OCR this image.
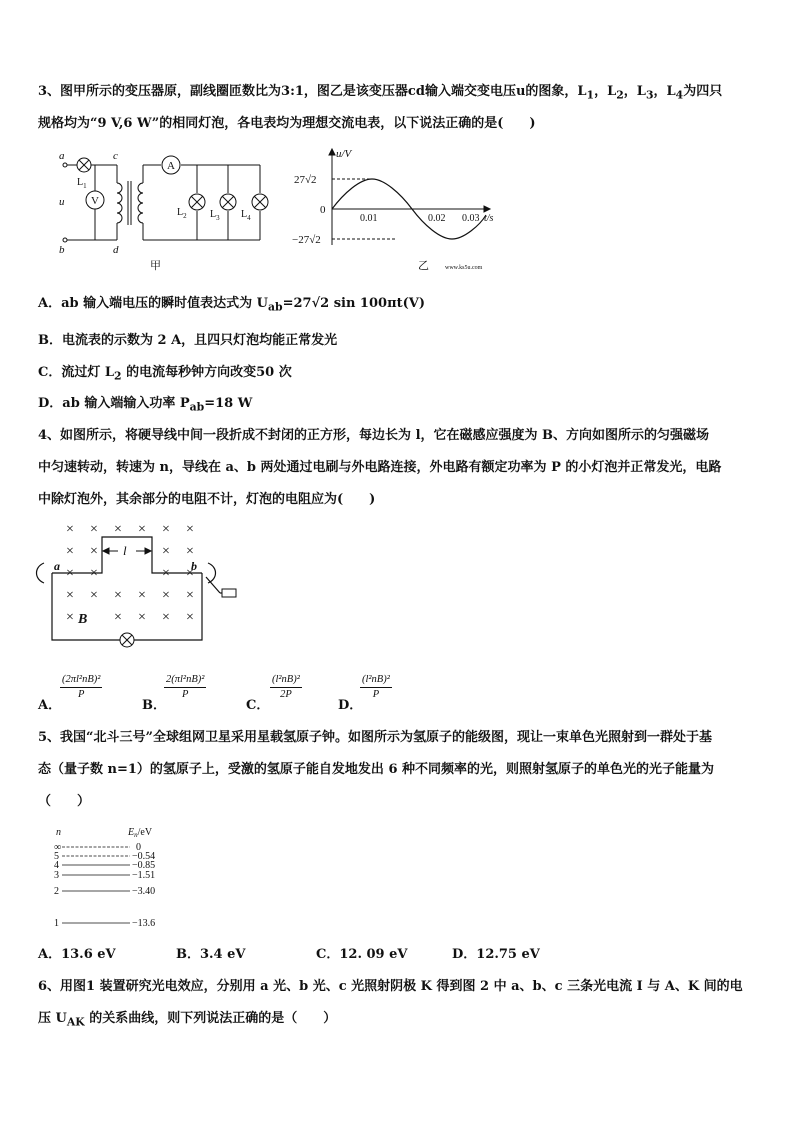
3、图甲所示的变压器原，副线圈匝数比为3:1，图乙是该变压器cd输入端交变电压u的图象，$L_1$，$L_2$，$L_3$，$L_4$为四只
规格均为“9 V,6 W”的相同灯泡，各电表均为理想交流电表，以下说法正确的是(　　)
V
A
a
b
c
d
u
$L_1$
$L_2$ $L_3$ $L_4$
甲
u/V
t/s
0
27√2
−27√2
0.01	0.02 0.03
乙	www.ks5u.com
A．ab 输入端电压的瞬时值表达式为 $U_{ab}=27√2$ sin 100πt(V)
B．电流表的示数为 2 A，且四只灯泡均能正常发光
C．流过灯 $L_2$ 的电流每秒钟方向改变50 次
D．ab 输入端输入功率 $P_{ab}=18$ W
4、如图所示，将硬导线中间一段折成不封闭的正方形，每边长为 l，它在磁感应强度为 B、方向如图所示的匀强磁场
中匀速转动，转速为 n，导线在 a、b 两处通过电刷与外电路连接，外电路有额定功率为 P 的小灯泡并正常发光，电路
中除灯泡外，其余部分的电阻不计，灯泡的电阻应为(　　)
× × × × × ×
× ×	× ×
× ×	× ×
× × × × × ×
×	× × × ×
l
a	b
B
A．
$\frac{\text{(2πl²nB)²}}{P}$
B．
$\frac{\text{2(πl²nB)²}}{P}$
C．
$\frac{\text{(l²nB)²}}{2P}$
D．
$\frac{\text{(l²nB)²}}{P}$
5、我国“北斗三号”全球组网卫星采用星载氢原子钟。如图所示为氢原子的能级图，现让一束单色光照射到一群处于基
态（量子数 n=1）的氢原子上，受激的氢原子能自发地发出 6 种不同频率的光，则照射氢原子的单色光的光子能量为
（　　）
n	$E_n/eV$
∞
5
4
3
2
1
0
−0.54
−0.85
−1.51
−3.40
−13.6
A．13.6 eV	B．3.4 eV	C．12. 09 eV	D．12.75 eV
6、用图1 装置研究光电效应，分别用 a 光、b 光、c 光照射阴极 K 得到图 2 中 a、b、c 三条光电流 I 与 A、K 间的电
压 $U_{AK}$ 的关系曲线，则下列说法正确的是（　　）
